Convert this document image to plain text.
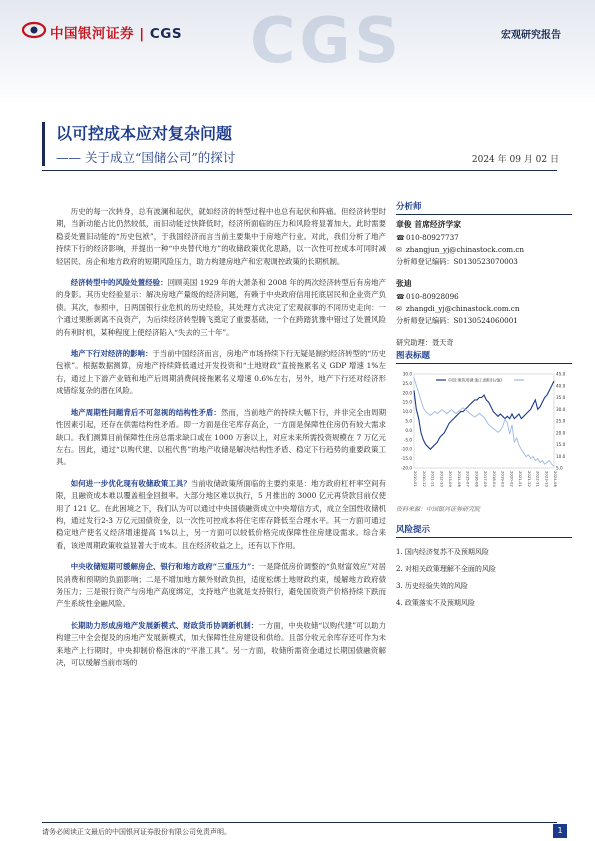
CGS
中国银河证券 | CGS	宏观研究报告
以可控成本应对复杂问题
—— 关于成立“国储公司”的探讨	2024 年 09 月 02 日

历史的每一次转身，总有波澜和起伏，就如经济的转型过程中也总有起伏和阵痛。但经济转型时期，当新动能占比仍然较低，而旧动能过快降低时，经济所面临的压力和风险将显著加大。此时需要稳妥处置旧动能的“历史包袱”，于我国经济而言当前主要集中于房地产行业。对此，我们分析了地产持续下行的经济影响，并提出一种“中央替代地方”的收储政策优化思路，以一次性可控成本可同时减轻居民、房企和地方政府的短期风险压力，助力构建房地产和宏观调控政策的长期机制。

经济转型中的风险处置经验：回顾美国 1929 年的大萧条和 2008 年的两次经济转型后有房地产的身影。其历史经验显示：解决房地产量级的经济问题，有赖于中央政府信用托底居民和企业资产负债。其次，参照中，日两国银行业危机的历史经验，其处理方式决定了宏观叙事的不同历史走向：一个通过果断剥离不良资产，为后续经济转型腾飞奠定了重要基础，一个在跨踏犹豫中错过了处置风险的有利时机，某种程度上使经济陷入“失去的三十年”。

地产下行对经济的影响：于当前中国经济而言，房地产市场持续下行无疑是制约经济转型的“历史包袱”。根据数据测算，房地产持续降低通过开发投资和“土地财政”直接拖累名义 GDP 增速 1%左右，通过上下游产业链和地产后周期消费间接拖累名义增速 0.6%左右，另外，地产下行还对经济形成错综复杂的潜在风险。

地产周期性问题背后不可忽视的结构性矛盾：然而，当前地产的持续大幅下行，并非完全由周期性因素引起，还存在供需结构性矛盾。即一方面是住宅库存高企，一方面是保障性住房仍有较大需求缺口。我们测算目前保障性住房总需求缺口或在 1000 万套以上，对应未来所需投资规模在 7 万亿元左右。因此，通过“以购代建、以租代售”的地产收储是解决结构性矛盾、稳定下行趋势的重要政策工具。

如何进一步优化现有收储政策工具？当前收储政策所面临的主要约束是：地方政府杠杆率空间有限，且融资成本难以覆盖租金回报率。大部分地区难以执行，5 月推出的 3000 亿元再贷款目前仅使用了 121 亿。在此困境之下，我们认为可以通过中央国债融资成立中央增信方式，成立全国性收储机构，通过发行2-3 万亿元国债资金，以一次性可控成本将住宅库存降低至合理水平。其一方面可通过稳定地产使名义经济增速提高 1%以上，另一方面可以较低价格完成保障性住房建设需求。综合来看，该逆周期政策收益显著大于成本。且在经济收益之上，还有以下作用。

中央收储短期可缓解房企、银行和地方政府“三重压力”：一是降低房价调整的“负财富效应”对居民消费和预期的负面影响；二是不增加地方额外财政负担，适度松绑土地财政约束，缓解地方政府债务压力；三是银行资产与房地产高度绑定，支持地产也就是支持银行，避免国资资产价格持续下跌而产生系统性金融风险。

长期助力形成房地产发展新模式、财政货币协调新机制：一方面，中央收储“以购代建”可以助力构建三中全会提及的房地产发展新模式，加大保障性住房建设和供给。且部分收元余库存还可作为未来地产上行期时，中央抑制价格泡沫的“平准工具”。另一方面，收储所需资金通过长期国债融资解决，可以缓解当前市场的

分析师
章俊 首席经济学家
☎010-80927737
✉ zhangjun_yj@chinastock.com.cn
分析师登记编码：S0130523070003
张迪
☎010-80928096
✉ zhangdi_yj@chinastock.com.cn
分析师登记编码：S0130524060001
研究助理：聂天奇
图表标题
30.0
25.0
20.0
15.0
10.0
5.0
0.0
-5.0
-10.0
-15.0
-20.0
45.0
40.0
35.0
30.0
25.0
20.0
15.0
10.0
5.0
2010-01 2010-12 2011-11 2012-10 2013-09 2014-08 2015-07 2016-06 2017-05 2018-04 2019-03 2020-02 2021-01 2021-12 2022-11 2023-10 2024-08
中国:建筑用钢:施工面积(右轴)
资料来源：中国银河证券研究院
风险提示
1. 国内经济复苏不及预期风险
2. 对相关政策理解不全面的风险
3. 历史经验失效的风险
4. 政策落实不及预期风险
请务必阅读正文最后的中国银河证券股份有限公司免责声明。	1
